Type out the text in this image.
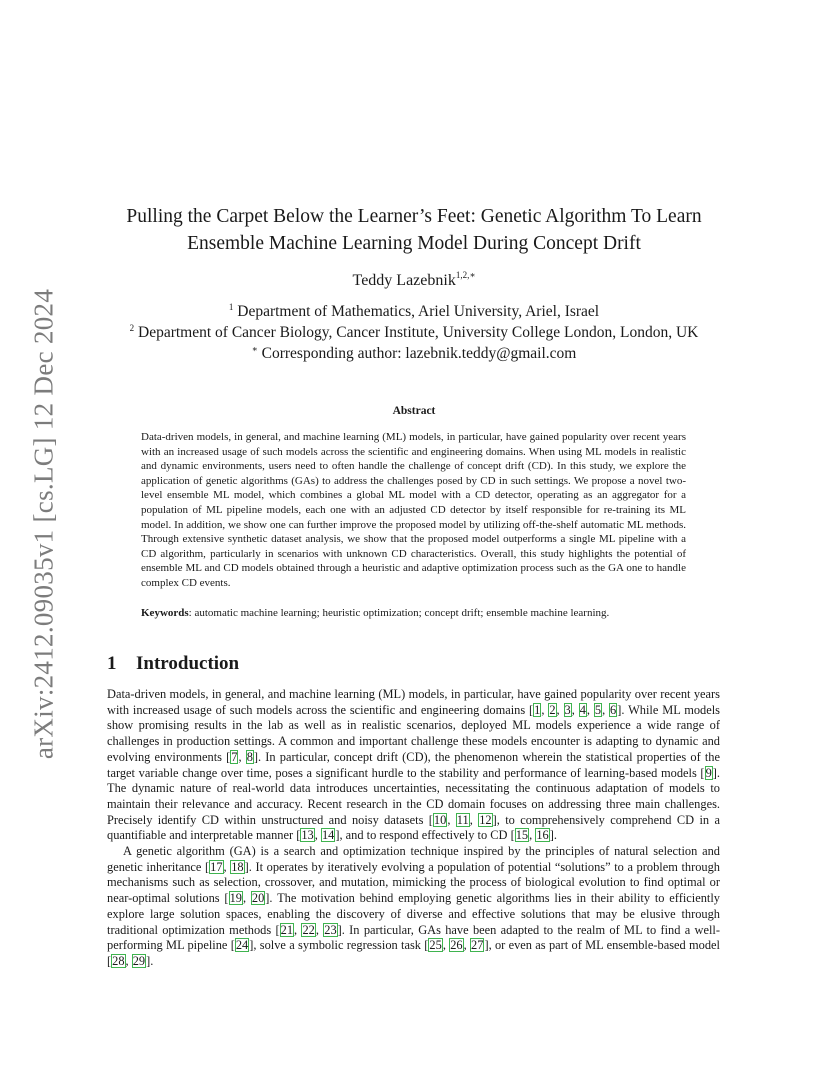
arXiv:2412.09035v1 [cs.LG] 12 Dec 2024
Pulling the Carpet Below the Learner’s Feet: Genetic Algorithm To Learn
Ensemble Machine Learning Model During Concept Drift
Teddy Lazebnik$^{1,2,∗}$
$^1$ Department of Mathematics, Ariel University, Ariel, Israel
$^2$ Department of Cancer Biology, Cancer Institute, University College London, London, UK
∗ Corresponding author: lazebnik.teddy@gmail.com
Abstract

Data-driven models, in general, and machine learning (ML) models, in particular, have gained popularity over recent years with an increased usage of such models across the scientific and engineering domains. When using ML models in realistic and dynamic environments, users need to often handle the challenge of concept drift (CD). In this study, we explore the application of genetic algorithms (GAs) to address the challenges posed by CD in such settings. We propose a novel two-level ensemble ML model, which combines a global ML model with a CD detector, operating as an aggregator for a population of ML pipeline models, each one with an adjusted CD detector by itself responsible for re-training its ML model. In addition, we show one can further improve the proposed model by utilizing off-the-shelf automatic ML methods. Through extensive synthetic dataset analysis, we show that the proposed model outperforms a single ML pipeline with a CD algorithm, particularly in scenarios with unknown CD characteristics. Overall, this study highlights the potential of ensemble ML and CD models obtained through a heuristic and adaptive optimization process such as the GA one to handle complex CD events.

Keywords: automatic machine learning; heuristic optimization; concept drift; ensemble machine learning.
1 Introduction

Data-driven models, in general, and machine learning (ML) models, in particular, have gained popularity over recent years with increased usage of such models across the scientific and engineering domains [1, 2, 3, 4, 5, 6]. While ML models show promising results in the lab as well as in realistic scenarios, deployed ML models experience a wide range of challenges in production settings. A common and important challenge these models encounter is adapting to dynamic and evolving environments [7, 8]. In particular, concept drift (CD), the phenomenon wherein the statistical properties of the target variable change over time, poses a significant hurdle to the stability and performance of learning-based models [9]. The dynamic nature of real-world data introduces uncertainties, necessitating the continuous adaptation of models to maintain their relevance and accuracy. Recent research in the CD domain focuses on addressing three main challenges. Precisely identify CD within unstructured and noisy datasets [10, 11, 12], to comprehensively comprehend CD in a quantifiable and interpretable manner [13, 14], and to respond effectively to CD [15, 16].

A genetic algorithm (GA) is a search and optimization technique inspired by the principles of natural selection and genetic inheritance [17, 18]. It operates by iteratively evolving a population of potential “solutions” to a problem through mechanisms such as selection, crossover, and mutation, mimicking the process of biological evolution to find optimal or near-optimal solutions [19, 20]. The motivation behind employing genetic algorithms lies in their ability to efficiently explore large solution spaces, enabling the discovery of diverse and effective solutions that may be elusive through traditional optimization methods [21, 22, 23]. In particular, GAs have been adapted to the realm of ML to find a well-performing ML pipeline [24], solve a symbolic regression task [25, 26, 27], or even as part of ML ensemble-based model [28, 29].
